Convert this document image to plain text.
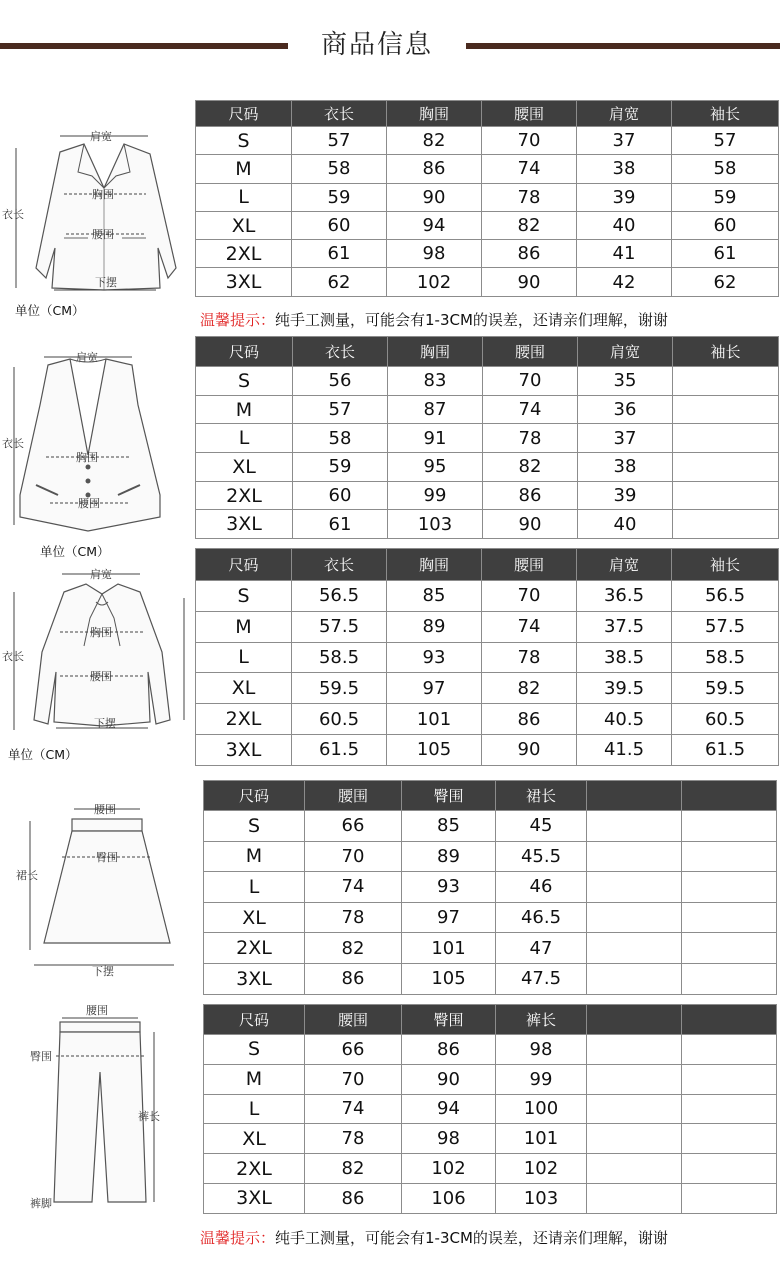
商品信息
肩宽
衣长
胸围
腰围
下摆
单位（CM）
尺码	衣长	胸围	腰围	肩宽	袖长
S	57	82	70	37	57
M	58	86	74	38	58
L	59	90	78	39	59
XL	60	94	82	40	60
2XL	61	98	86	41	61
3XL	62	102	90	42	62
温馨提示：纯手工测量，可能会有1-3CM的误差，还请亲们理解，谢谢
肩宽
衣长
胸围
腰围
单位（CM）
尺码	衣长	胸围	腰围	肩宽	袖长
S	56	83	70	35	
M	57	87	74	36	
L	58	91	78	37	
XL	59	95	82	38	
2XL	60	99	86	39	
3XL	61	103	90	40	
肩宽
衣长
胸围
腰围
下摆
单位（CM）
尺码	衣长	胸围	腰围	肩宽	袖长
S	56.5	85	70	36.5	56.5
M	57.5	89	74	37.5	57.5
L	58.5	93	78	38.5	58.5
XL	59.5	97	82	39.5	59.5
2XL	60.5	101	86	40.5	60.5
3XL	61.5	105	90	41.5	61.5
腰围
裙长
臀围
下摆
尺码	腰围	臀围	裙长		
S	66	85	45		
M	70	89	45.5		
L	74	93	46		
XL	78	97	46.5		
2XL	82	101	47		
3XL	86	105	47.5		
腰围
臀围
裤长
裤脚
尺码	腰围	臀围	裤长		
S	66	86	98		
M	70	90	99		
L	74	94	100		
XL	78	98	101		
2XL	82	102	102		
3XL	86	106	103		
温馨提示：纯手工测量，可能会有1-3CM的误差，还请亲们理解，谢谢
